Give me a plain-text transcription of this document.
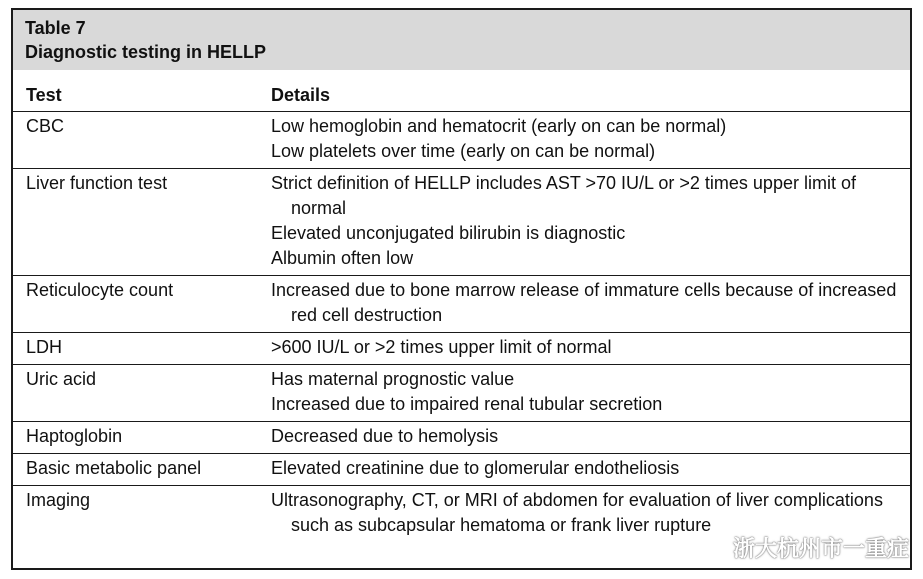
Table 7
Diagnostic testing in HELLP
Test	Details
CBC	Low hemoglobin and hematocrit (early on can be normal)
Low platelets over time (early on can be normal)

Liver function test	Strict definition of HELLP includes AST >70 IU/L or >2 times upper limit of normal
Elevated unconjugated bilirubin is diagnostic
Albumin often low

Reticulocyte count	Increased due to bone marrow release of immature cells because of increased red cell destruction

LDH	>600 IU/L or >2 times upper limit of normal

Uric acid	Has maternal prognostic value
Increased due to impaired renal tubular secretion

Haptoglobin	Decreased due to hemolysis

Basic metabolic panel	Elevated creatinine due to glomerular endotheliosis

Imaging	Ultrasonography, CT, or MRI of abdomen for evaluation of liver complications such as subcapsular hematoma or frank liver rupture
浙大杭州市一重症
